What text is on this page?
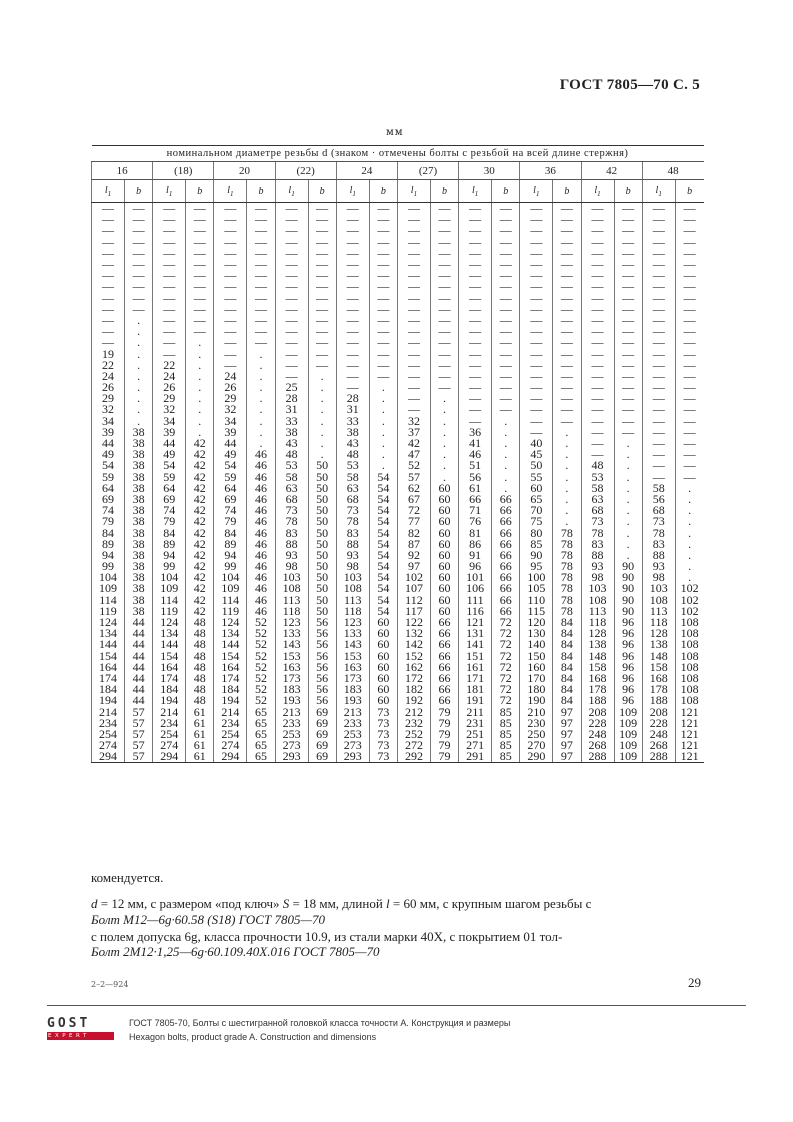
ГОСТ 7805—70 С. 5
мм
номинальном диаметре резьбы d (знаком · отмечены болты с резьбой на всей длине стержня)																			
16		(18)		20		(22)		24		(27)		30		36		42		48	
$l_1$	b	$l_1$	b	$l_1$	b	$l_1$	b	$l_1$	b	$l_1$	b	$l_1$	b	$l_1$	b	$l_1$	b	$l_1$	b
—	—	—	—	—	—	—	—	—	—	—	—	—	—	—	—	—	—	—	—
—	—	—	—	—	—	—	—	—	—	—	—	—	—	—	—	—	—	—	—
—	—	—	—	—	—	—	—	—	—	—	—	—	—	—	—	—	—	—	—
—	—	—	—	—	—	—	—	—	—	—	—	—	—	—	—	—	—	—	—
—	—	—	—	—	—	—	—	—	—	—	—	—	—	—	—	—	—	—	—
—	—	—	—	—	—	—	—	—	—	—	—	—	—	—	—	—	—	—	—
—	—	—	—	—	—	—	—	—	—	—	—	—	—	—	—	—	—	—	—
—	—	—	—	—	—	—	—	—	—	—	—	—	—	—	—	—	—	—	—
—	—	—	—	—	—	—	—	—	—	—	—	—	—	—	—	—	—	—	—
—	—	—	—	—	—	—	—	—	—	—	—	—	—	—	—	—	—	—	—
—	.	—	—	—	—	—	—	—	—	—	—	—	—	—	—	—	—	—	—
—	.	—	—	—	—	—	—	—	—	—	—	—	—	—	—	—	—	—	—
—	.	—	.	—	—	—	—	—	—	—	—	—	—	—	—	—	—	—	—
19	.	—	.	—	.	—	—	—	—	—	—	—	—	—	—	—	—	—	—
22	.	22	.	—	.	—	—	—	—	—	—	—	—	—	—	—	—	—	—
24	.	24	.	24	.	—	.	—	—	—	—	—	—	—	—	—	—	—	—
26	.	26	.	26	.	25	.	—	.	—	—	—	—	—	—	—	—	—	—
29	.	29	.	29	.	28	.	28	.	—	.	—	—	—	—	—	—	—	—
32	.	32	.	32	.	31	.	31	.	—	.	—	—	—	—	—	—	—	—
34	.	34	.	34	.	33	.	33	.	32	.	—	.	—	—	—	—	—	—
39	38	39	.	39	.	38	.	38	.	37	.	36	.	—	.	—	—	—	—
44	38	44	42	44	.	43	.	43	.	42	.	41	.	40	.	—	.	—	—
49	38	49	42	49	46	48	.	48	.	47	.	46	.	45	.	—	.	—	—
54	38	54	42	54	46	53	50	53	.	52	.	51	.	50	.	48	.	—	—
59	38	59	42	59	46	58	50	58	54	57	.	56	.	55	.	53	.	—	—
64	38	64	42	64	46	63	50	63	54	62	60	61	.	60	.	58	.	58	.
69	38	69	42	69	46	68	50	68	54	67	60	66	66	65	.	63	.	56	.
74	38	74	42	74	46	73	50	73	54	72	60	71	66	70	.	68	.	68	.
79	38	79	42	79	46	78	50	78	54	77	60	76	66	75	.	73	.	73	.
84	38	84	42	84	46	83	50	83	54	82	60	81	66	80	78	78	.	78	.
89	38	89	42	89	46	88	50	88	54	87	60	86	66	85	78	83	.	83	.
94	38	94	42	94	46	93	50	93	54	92	60	91	66	90	78	88	.	88	.
99	38	99	42	99	46	98	50	98	54	97	60	96	66	95	78	93	90	93	.
104	38	104	42	104	46	103	50	103	54	102	60	101	66	100	78	98	90	98	.
109	38	109	42	109	46	108	50	108	54	107	60	106	66	105	78	103	90	103	102
114	38	114	42	114	46	113	50	113	54	112	60	111	66	110	78	108	90	108	102
119	38	119	42	119	46	118	50	118	54	117	60	116	66	115	78	113	90	113	102
124	44	124	48	124	52	123	56	123	60	122	66	121	72	120	84	118	96	118	108
134	44	134	48	134	52	133	56	133	60	132	66	131	72	130	84	128	96	128	108
144	44	144	48	144	52	143	56	143	60	142	66	141	72	140	84	138	96	138	108
154	44	154	48	154	52	153	56	153	60	152	66	151	72	150	84	148	96	148	108
164	44	164	48	164	52	163	56	163	60	162	66	161	72	160	84	158	96	158	108
174	44	174	48	174	52	173	56	173	60	172	66	171	72	170	84	168	96	168	108
184	44	184	48	184	52	183	56	183	60	182	66	181	72	180	84	178	96	178	108
194	44	194	48	194	52	193	56	193	60	192	66	191	72	190	84	188	96	188	108
214	57	214	61	214	65	213	69	213	73	212	79	211	85	210	97	208	109	208	121
234	57	234	61	234	65	233	69	233	73	232	79	231	85	230	97	228	109	228	121
254	57	254	61	254	65	253	69	253	73	252	79	251	85	250	97	248	109	248	121
274	57	274	61	274	65	273	69	273	73	272	79	271	85	270	97	268	109	268	121
294	57	294	61	294	65	293	69	293	73	292	79	291	85	290	97	288	109	288	121
комендуется.
d = 12 мм, с размером «под ключ» S = 18 мм, длиной l = 60 мм, с крупным шагом резьбы с
Болт М12—6g·60.58 (S18) ГОСТ 7805—70
с полем допуска 6g, класса прочности 10.9, из стали марки 40X, с покрытием 01 тол-
Болт 2М12·1,25—6g·60.109.40X.016 ГОСТ 7805—70
2–2—924	29
GOST
EXPERT
ГОСТ 7805-70, Болты с шестигранной головкой класса точности А. Конструкция и размеры
Hexagon bolts, product grade A. Construction and dimensions
